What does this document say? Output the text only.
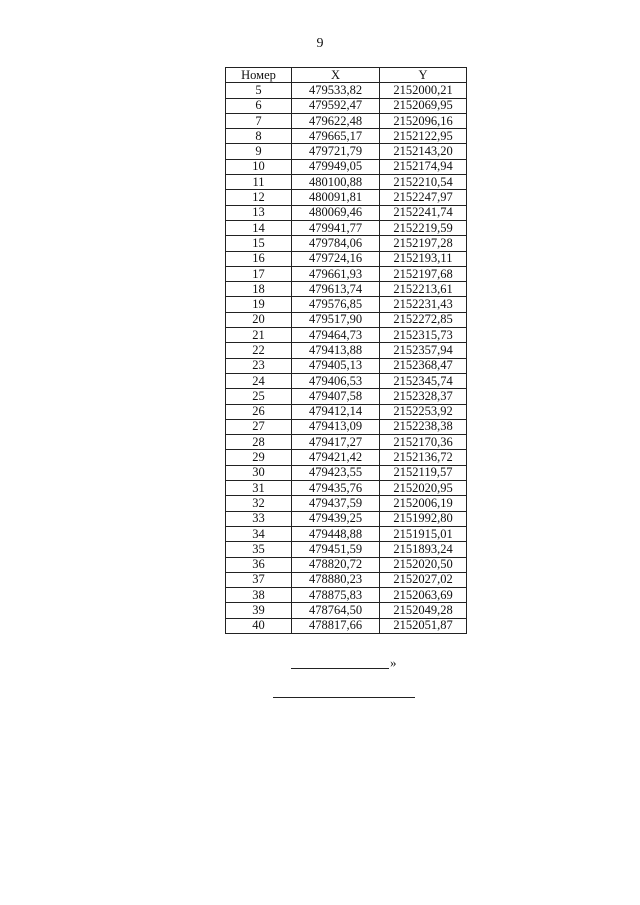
9
Номер	X	Y
5	479533,82	2152000,21
6	479592,47	2152069,95
7	479622,48	2152096,16
8	479665,17	2152122,95
9	479721,79	2152143,20
10	479949,05	2152174,94
11	480100,88	2152210,54
12	480091,81	2152247,97
13	480069,46	2152241,74
14	479941,77	2152219,59
15	479784,06	2152197,28
16	479724,16	2152193,11
17	479661,93	2152197,68
18	479613,74	2152213,61
19	479576,85	2152231,43
20	479517,90	2152272,85
21	479464,73	2152315,73
22	479413,88	2152357,94
23	479405,13	2152368,47
24	479406,53	2152345,74
25	479407,58	2152328,37
26	479412,14	2152253,92
27	479413,09	2152238,38
28	479417,27	2152170,36
29	479421,42	2152136,72
30	479423,55	2152119,57
31	479435,76	2152020,95
32	479437,59	2152006,19
33	479439,25	2151992,80
34	479448,88	2151915,01
35	479451,59	2151893,24
36	478820,72	2152020,50
37	478880,23	2152027,02
38	478875,83	2152063,69
39	478764,50	2152049,28
40	478817,66	2152051,87
»
